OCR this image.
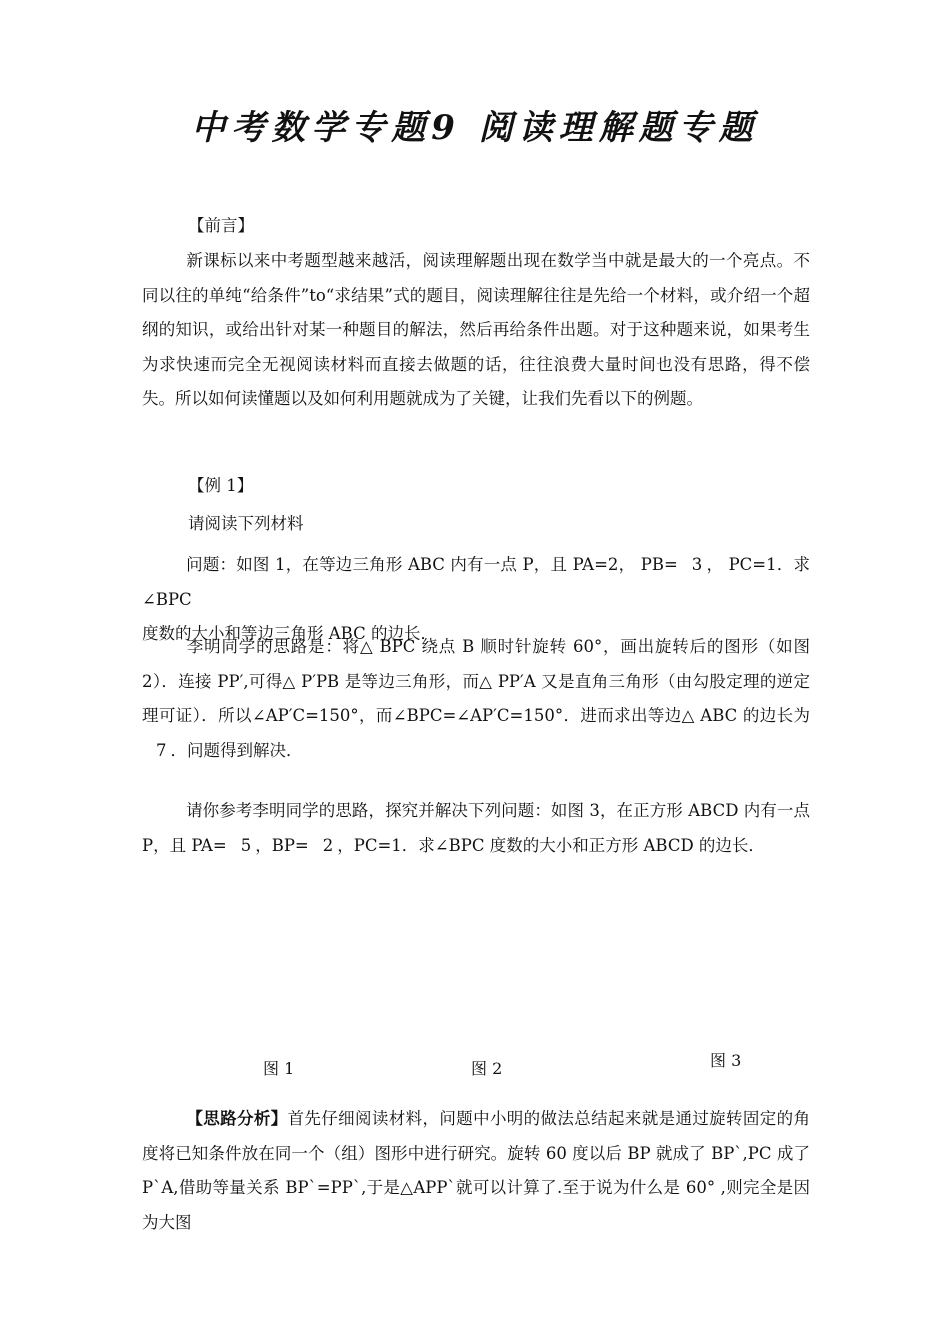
中考数学专题9 阅读理解题专题
【前言】
新课标以来中考题型越来越活，阅读理解题出现在数学当中就是最大的一个亮点。不同以往的单纯“给条件”to“求结果”式的题目，阅读理解往往是先给一个材料，或介绍一个超纲的知识，或给出针对某一种题目的解法，然后再给条件出题。对于这种题来说，如果考生为求快速而完全无视阅读材料而直接去做题的话，往往浪费大量时间也没有思路，得不偿失。所以如何读懂题以及如何利用题就成为了关键，让我们先看以下的例题。
【例 1】
请阅读下列材料
问题：如图 1，在等边三角形 ABC 内有一点 P，且 PA=2， PB= 3 ， PC=1．求∠BPC
度数的大小和等边三角形 ABC 的边长．
李明同学的思路是：将△ BPC 绕点 B 顺时针旋转 60°，画出旋转后的图形（如图 2）．连接 PP′,可得△ P′PB 是等边三角形，而△ PP′A 又是直角三角形（由勾股定理的逆定理可证）．所以∠AP′C=150°，而∠BPC=∠AP′C=150°．进而求出等边△ ABC 的边长为7 ．问题得到解决．
请你参考李明同学的思路，探究并解决下列问题：如图 3，在正方形 ABCD 内有一点 P，且 PA= 5 ，BP= 2 ，PC=1．求∠BPC 度数的大小和正方形 ABCD 的边长．
图 1	图 2	图 3
【思路分析】首先仔细阅读材料，问题中小明的做法总结起来就是通过旋转固定的角度将已知条件放在同一个（组）图形中进行研究。旋转 60 度以后 BP 就成了 BP`,PC 成了 P`A,借助等量关系 BP`=PP`,于是△APP`就可以计算了.至于说为什么是 60° ,则完全是因为大图
